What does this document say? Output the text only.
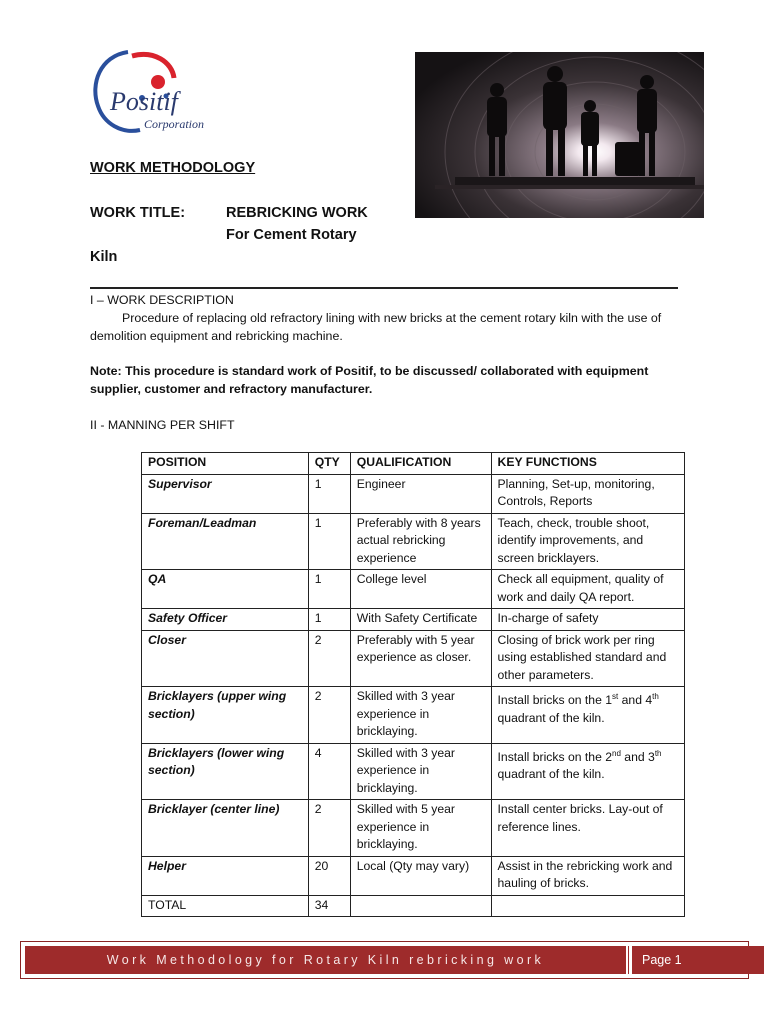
Positif
Corporation
WORK METHODOLOGY
WORK TITLE:	REBRICKING WORK
For Cement Rotary
Kiln
I – WORK DESCRIPTION
Procedure of replacing old refractory lining with new bricks at the cement rotary kiln with the use of demolition equipment and rebricking machine.
Note: This procedure is standard work of Positif, to be discussed/ collaborated with equipment supplier, customer and refractory manufacturer.
II - MANNING PER SHIFT
POSITION	QTY	QUALIFICATION	KEY FUNCTIONS
Supervisor	1	Engineer	Planning, Set-up, monitoring, Controls, Reports
Foreman/Leadman	1	Preferably with 8 years actual rebricking experience	Teach, check, trouble shoot, identify improvements, and screen bricklayers.
QA	1	College level	Check all equipment, quality of work and daily QA report.
Safety Officer	1	With Safety Certificate	In-charge of safety
Closer	2	Preferably with 5 year experience as closer.	Closing of brick work per ring using established standard and other parameters.
Bricklayers (upper wing section)	2	Skilled with 3 year experience in bricklaying.	Install bricks on the 1st and 4th quadrant of the kiln.
Bricklayers (lower wing section)	4	Skilled with 3 year experience in bricklaying.	Install bricks on the 2nd and 3th quadrant of the kiln.
Bricklayer (center line)	2	Skilled with 5 year experience in bricklaying.	Install center bricks. Lay-out of reference lines.
Helper	20	Local (Qty may vary)	Assist in the rebricking work and hauling of bricks.
TOTAL	34		
Work Methodology for Rotary Kiln rebricking work	Page 1
